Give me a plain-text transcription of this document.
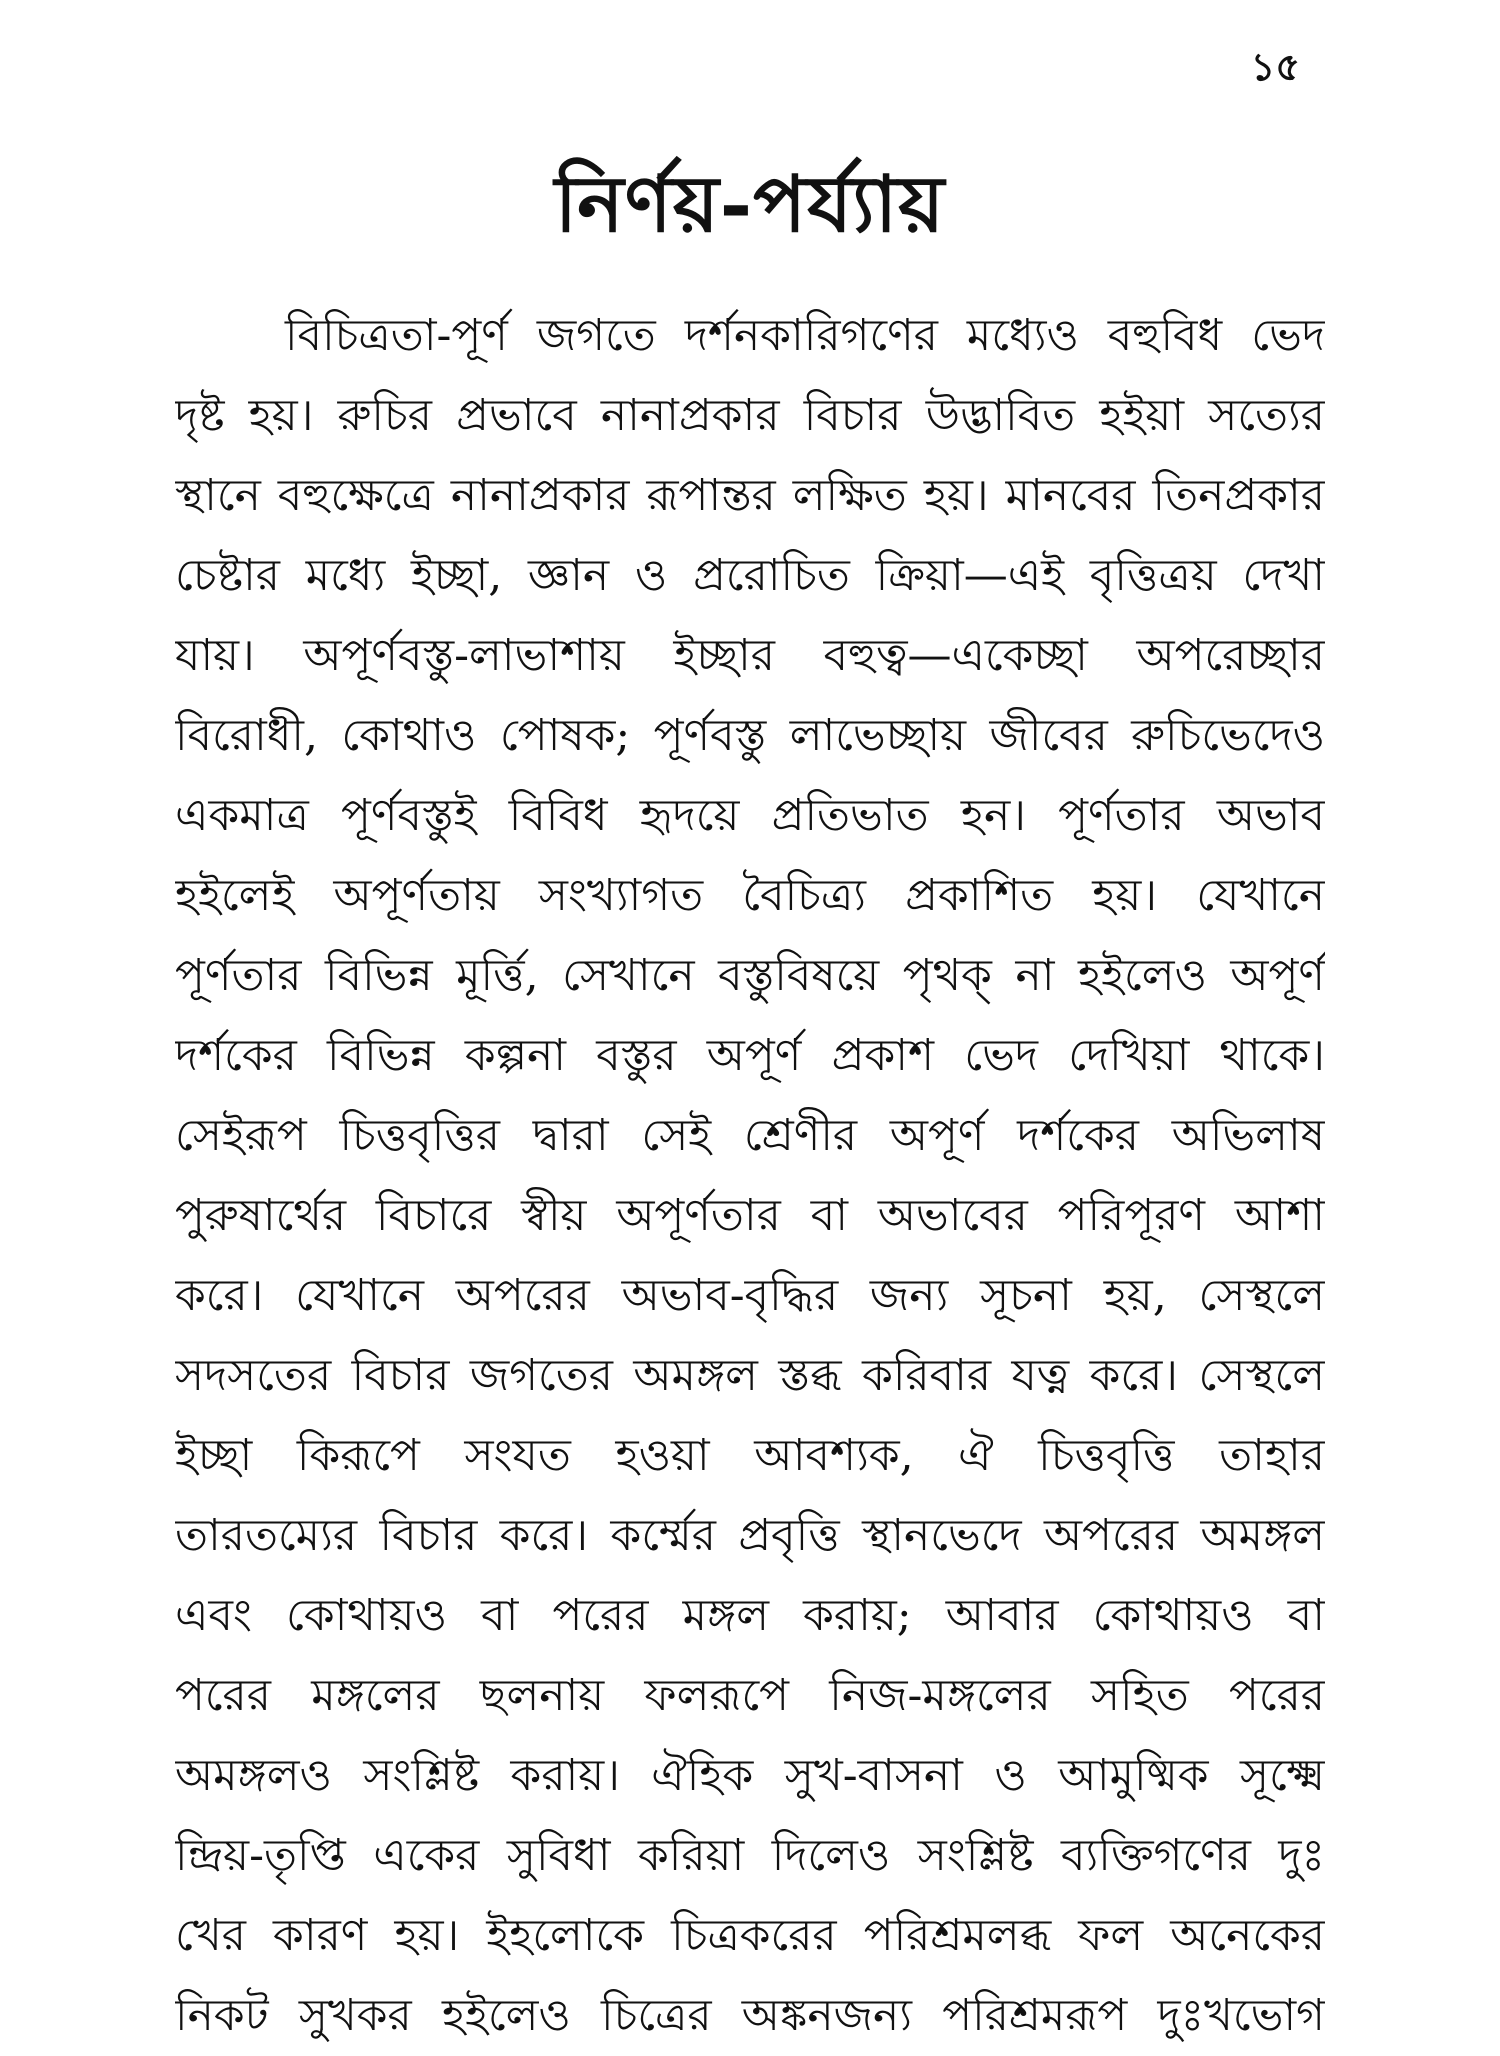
১৫
নির্ণয়-পর্য্যায়
বিচিত্রতা-পূর্ণ জগতে দর্শনকারিগণের মধ্যেও বহুবিধ ভেদ
দৃষ্ট হয়। রুচির প্রভাবে নানাপ্রকার বিচার উদ্ভাবিত হইয়া সত্যের
স্থানে বহুক্ষেত্রে নানাপ্রকার রূপান্তর লক্ষিত হয়। মানবের তিনপ্রকার
চেষ্টার মধ্যে ইচ্ছা, জ্ঞান ও প্ররোচিত ক্রিয়া—এই বৃত্তিত্রয় দেখা
যায়। অপূর্ণবস্তু-লাভাশায় ইচ্ছার বহুত্ব—একেচ্ছা অপরেচ্ছার
বিরোধী, কোথাও পোষক; পূর্ণবস্তু লাভেচ্ছায় জীবের রুচিভেদেও
একমাত্র পূর্ণবস্তুই বিবিধ হৃদয়ে প্রতিভাত হন। পূর্ণতার অভাব
হইলেই অপূর্ণতায় সংখ্যাগত বৈচিত্র্য প্রকাশিত হয়। যেখানে
পূর্ণতার বিভিন্ন মূর্ত্তি, সেখানে বস্তুবিষয়ে পৃথক্ না হইলেও অপূর্ণ
দর্শকের বিভিন্ন কল্পনা বস্তুর অপূর্ণ প্রকাশ ভেদ দেখিয়া থাকে।
সেইরূপ চিত্তবৃত্তির দ্বারা সেই শ্রেণীর অপূর্ণ দর্শকের অভিলাষ
পুরুষার্থের বিচারে স্বীয় অপূর্ণতার বা অভাবের পরিপূরণ আশা
করে। যেখানে অপরের অভাব-বৃদ্ধির জন্য সূচনা হয়, সেস্থলে
সদসতের বিচার জগতের অমঙ্গল স্তব্ধ করিবার যত্ন করে। সেস্থলে
ইচ্ছা কিরূপে সংযত হওয়া আবশ্যক, ঐ চিত্তবৃত্তি তাহার
তারতম্যের বিচার করে। কর্ম্মের প্রবৃত্তি স্থানভেদে অপরের অমঙ্গল
এবং কোথায়ও বা পরের মঙ্গল করায়; আবার কোথায়ও বা
পরের মঙ্গলের ছলনায় ফলরূপে নিজ-মঙ্গলের সহিত পরের
অমঙ্গলও সংশ্লিষ্ট করায়। ঐহিক সুখ-বাসনা ও আমুষ্মিক সূক্ষ্মে
ন্দ্রিয়-তৃপ্তি একের সুবিধা করিয়া দিলেও সংশ্লিষ্ট ব্যক্তিগণের দুঃ
খের কারণ হয়। ইহলোকে চিত্রকরের পরিশ্রমলব্ধ ফল অনেকের
নিকট সুখকর হইলেও চিত্রের অঙ্কনজন্য পরিশ্রমরূপ দুঃখভোগ
